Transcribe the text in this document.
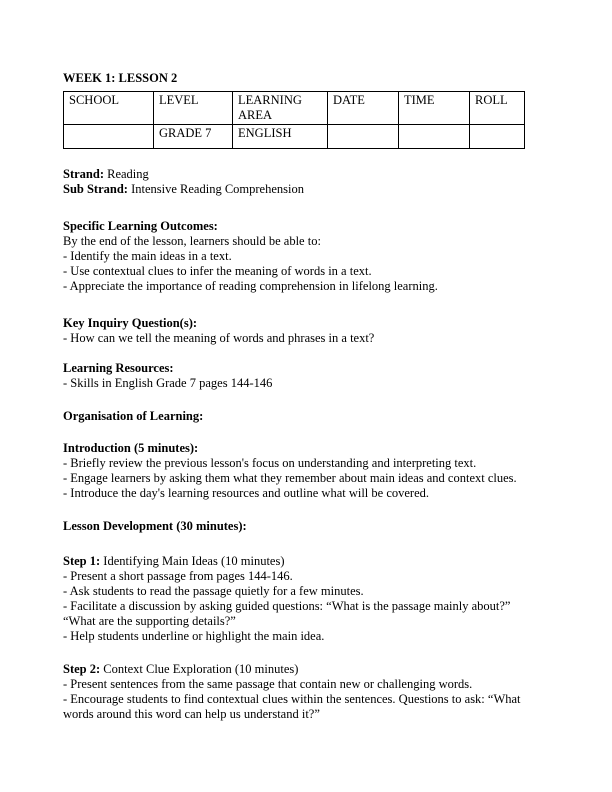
WEEK 1: LESSON 2
SCHOOL	LEVEL	LEARNING AREA	DATE	TIME	ROLL
	GRADE 7	ENGLISH			
Strand: Reading
Sub Strand: Intensive Reading Comprehension
Specific Learning Outcomes:
By the end of the lesson, learners should be able to:
- Identify the main ideas in a text.
- Use contextual clues to infer the meaning of words in a text.
- Appreciate the importance of reading comprehension in lifelong learning.
Key Inquiry Question(s):
- How can we tell the meaning of words and phrases in a text?
Learning Resources:
- Skills in English Grade 7 pages 144-146
Organisation of Learning:
Introduction (5 minutes):
- Briefly review the previous lesson's focus on understanding and interpreting text.
- Engage learners by asking them what they remember about main ideas and context clues.
- Introduce the day's learning resources and outline what will be covered.
Lesson Development (30 minutes):
Step 1: Identifying Main Ideas (10 minutes)
- Present a short passage from pages 144-146.
- Ask students to read the passage quietly for a few minutes.
- Facilitate a discussion by asking guided questions: “What is the passage mainly about?” “What are the supporting details?”
- Help students underline or highlight the main idea.
Step 2: Context Clue Exploration (10 minutes)
- Present sentences from the same passage that contain new or challenging words.
- Encourage students to find contextual clues within the sentences. Questions to ask: “What words around this word can help us understand it?”
